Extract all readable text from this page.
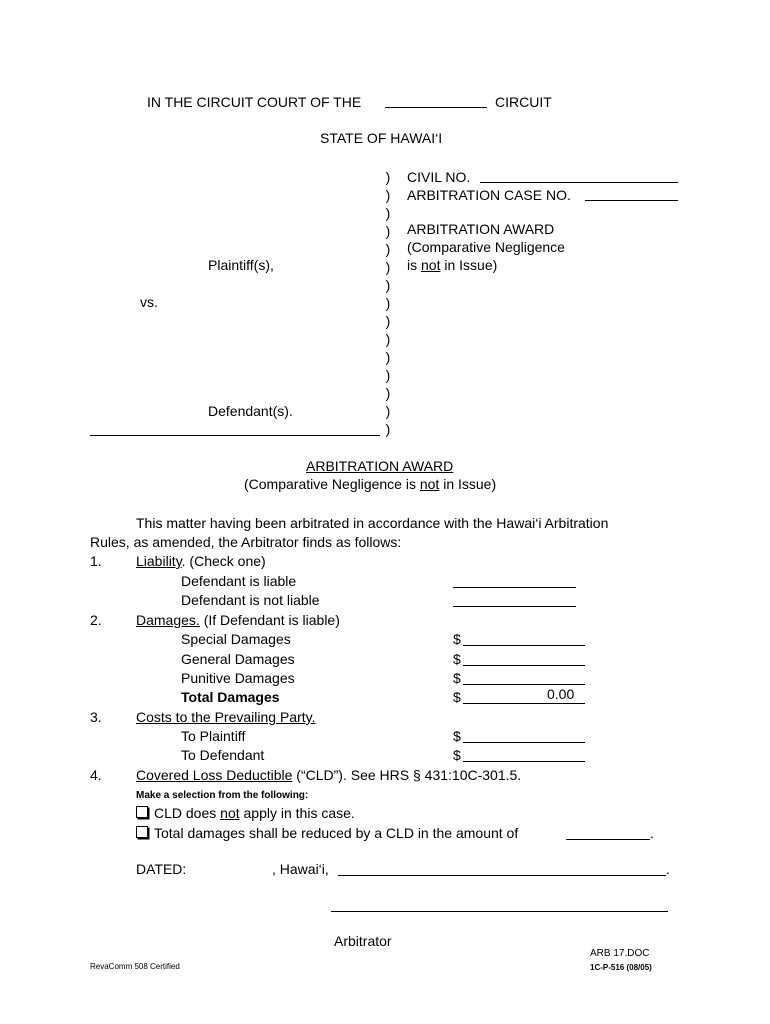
IN THE CIRCUIT COURT OF THE	CIRCUIT
STATE OF HAWAI‘I
)
)
)
)
)
)
)
)
)
)
)
)
)
)
)
CIVIL NO.
ARBITRATION CASE NO.
ARBITRATION AWARD
(Comparative Negligence
is not in Issue)
Plaintiff(s),
vs.
Defendant(s).
ARBITRATION AWARD
(Comparative Negligence is not in Issue)
This matter having been arbitrated in accordance with the Hawai‘i Arbitration
Rules, as amended, the Arbitrator finds as follows:
1. Liability. (Check one)
Defendant is liable
Defendant is not liable
2. Damages. (If Defendant is liable)
Special Damages	$
General Damages	$
Punitive Damages	$
Total Damages	$	0.00
3. Costs to the Prevailing Party.
To Plaintiff	$
To Defendant	$
4. Covered Loss Deductible (“CLD”). See HRS § 431:10C-301.5.
Make a selection from the following:
CLD does not apply in this case.
Total damages shall be reduced by a CLD in the amount of	.
DATED:	, Hawai‘i,	.
Arbitrator
ARB 17.DOC
1C-P-516 (08/05)
RevaComm 508 Certified
